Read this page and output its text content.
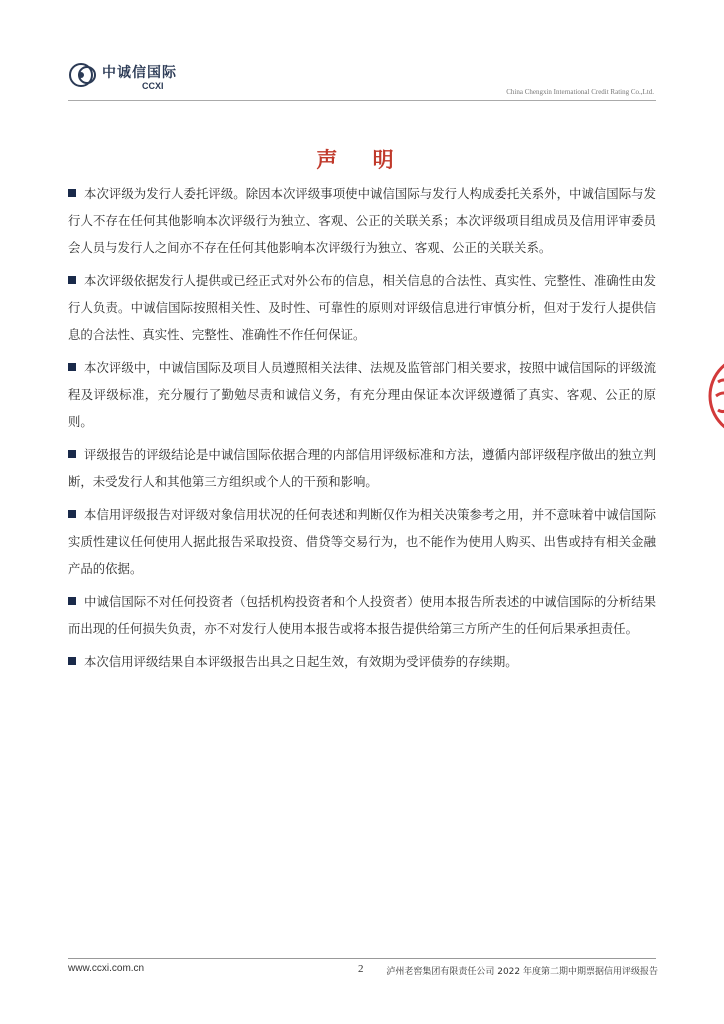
中诚信国际
CCXI
China Chengxin International Credit Rating Co.,Ltd.
声 明

本次评级为发行人委托评级。除因本次评级事项使中诚信国际与发行人构成委托关系外，中诚信国际与发行人不存在任何其他影响本次评级行为独立、客观、公正的关联关系；本次评级项目组成员及信用评审委员会人员与发行人之间亦不存在任何其他影响本次评级行为独立、客观、公正的关联关系。

本次评级依据发行人提供或已经正式对外公布的信息，相关信息的合法性、真实性、完整性、准确性由发行人负责。中诚信国际按照相关性、及时性、可靠性的原则对评级信息进行审慎分析，但对于发行人提供信息的合法性、真实性、完整性、准确性不作任何保证。

本次评级中，中诚信国际及项目人员遵照相关法律、法规及监管部门相关要求，按照中诚信国际的评级流程及评级标准，充分履行了勤勉尽责和诚信义务，有充分理由保证本次评级遵循了真实、客观、公正的原则。

评级报告的评级结论是中诚信国际依据合理的内部信用评级标准和方法，遵循内部评级程序做出的独立判断，未受发行人和其他第三方组织或个人的干预和影响。

本信用评级报告对评级对象信用状况的任何表述和判断仅作为相关决策参考之用，并不意味着中诚信国际实质性建议任何使用人据此报告采取投资、借贷等交易行为，也不能作为使用人购买、出售或持有相关金融产品的依据。

中诚信国际不对任何投资者（包括机构投资者和个人投资者）使用本报告所表述的中诚信国际的分析结果而出现的任何损失负责，亦不对发行人使用本报告或将本报告提供给第三方所产生的任何后果承担责任。

本次信用评级结果自本评级报告出具之日起生效，有效期为受评债券的存续期。

www.ccxi.com.cn	2	泸州老窖集团有限责任公司 2022 年度第二期中期票据信用评级报告
